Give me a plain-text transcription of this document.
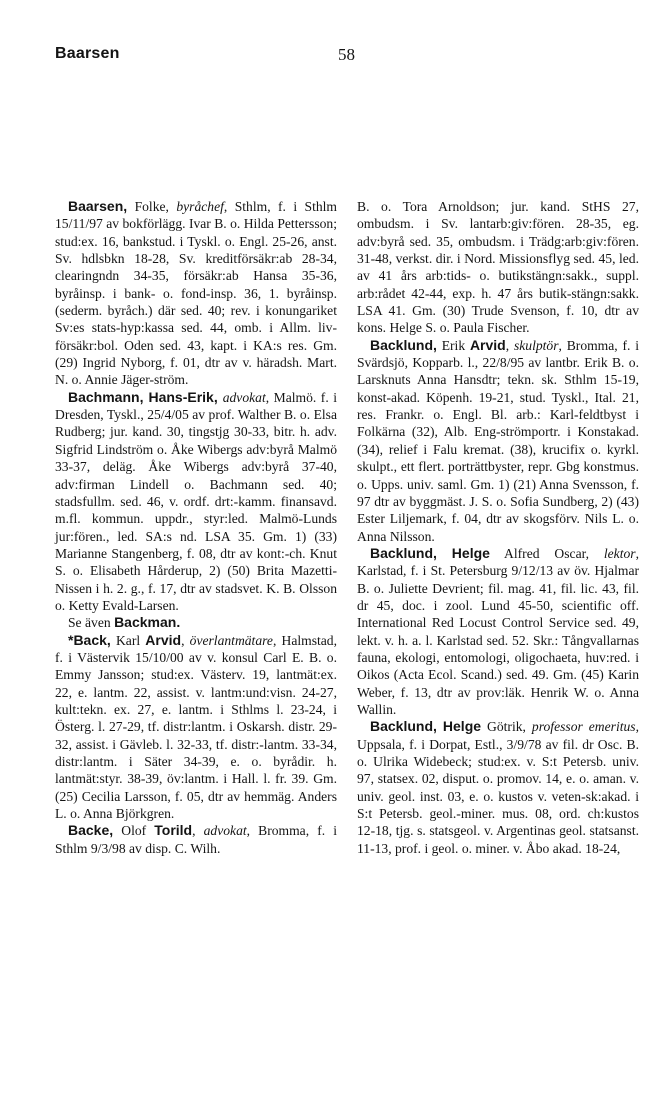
Baarsen	58

Baarsen, Folke, byråchef, Sthlm, f. i Sthlm 15/11/97 av bokförlägg. Ivar B. o. Hilda Pettersson; stud:ex. 16, bankstud. i Tyskl. o. Engl. 25-26, anst. Sv. hdlsbkn 18-28, Sv. kreditförsäkr:ab 28-34, clearingndn 34-35, försäkr:ab Hansa 35-36, byråinsp. i bank- o. fond-insp. 36, 1. byråinsp. (sederm. byråch.) där sed. 40; rev. i konungariket Sv:es stats-hyp:kassa sed. 44, omb. i Allm. liv-försäkr:bol. Oden sed. 43, kapt. i KA:s res. Gm. (29) Ingrid Nyborg, f. 01, dtr av v. häradsh. Mart. N. o. Annie Jäger-ström.

Bachmann, Hans-Erik, advokat, Malmö. f. i Dresden, Tyskl., 25/4/05 av prof. Walther B. o. Elsa Rudberg; jur. kand. 30, tingstjg 30-33, bitr. h. adv. Sigfrid Lindström o. Åke Wibergs adv:byrå Malmö 33-37, deläg. Åke Wibergs adv:byrå 37-40, adv:firman Lindell o. Bachmann sed. 40; stadsfullm. sed. 46, v. ordf. drt:-kamm. finansavd. m.fl. kommun. uppdr., styr:led. Malmö-Lunds jur:fören., led. SA:s nd. LSA 35. Gm. 1) (33) Marianne Stangenberg, f. 08, dtr av kont:-ch. Knut S. o. Elisabeth Hårderup, 2) (50) Brita Mazetti-Nissen i h. 2. g., f. 17, dtr av stadsvet. K. B. Olsson o. Ketty Evald-Larsen.

Se även Backman.

*Back, Karl Arvid, överlantmätare, Halmstad, f. i Västervik 15/10/00 av v. konsul Carl E. B. o. Emmy Jansson; stud:ex. Västerv. 19, lantmät:ex. 22, e. lantm. 22, assist. v. lantm:und:visn. 24-27, kult:tekn. ex. 27, e. lantm. i Sthlms l. 23-24, i Österg. l. 27-29, tf. distr:lantm. i Oskarsh. distr. 29-32, assist. i Gävleb. l. 32-33, tf. distr:-lantm. 33-34, distr:lantm. i Säter 34-39, e. o. byrådir. h. lantmät:styr. 38-39, öv:lantm. i Hall. l. fr. 39. Gm. (25) Cecilia Larsson, f. 05, dtr av hemmäg. Anders L. o. Anna Björkgren.

Backe, Olof Torild, advokat, Bromma, f. i Sthlm 9/3/98 av disp. C. Wilh.

B. o. Tora Arnoldson; jur. kand. StHS 27, ombudsm. i Sv. lantarb:giv:fören. 28-35, eg. adv:byrå sed. 35, ombudsm. i Trädg:arb:giv:fören. 31-48, verkst. dir. i Nord. Missionsflyg sed. 45, led. av 41 års arb:tids- o. butikstängn:sakk., suppl. arb:rådet 42-44, exp. h. 47 års butik-stängn:sakk. LSA 41. Gm. (30) Trude Svenson, f. 10, dtr av kons. Helge S. o. Paula Fischer.

Backlund, Erik Arvid, skulptör, Bromma, f. i Svärdsjö, Kopparb. l., 22/8/95 av lantbr. Erik B. o. Larsknuts Anna Hansdtr; tekn. sk. Sthlm 15-19, konst-akad. Köpenh. 19-21, stud. Tyskl., Ital. 21, res. Frankr. o. Engl. Bl. arb.: Karl-feldtbyst i Folkärna (32), Alb. Eng-strömportr. i Konstakad. (34), relief i Falu kremat. (38), krucifix o. kyrkl. skulpt., ett flert. porträttbyster, repr. Gbg konstmus. o. Upps. univ. saml. Gm. 1) (21) Anna Svensson, f. 97 dtr av byggmäst. J. S. o. Sofia Sundberg, 2) (43) Ester Liljemark, f. 04, dtr av skogsförv. Nils L. o. Anna Nilsson.

Backlund, Helge Alfred Oscar, lektor, Karlstad, f. i St. Petersburg 9/12/13 av öv. Hjalmar B. o. Juliette Devrient; fil. mag. 41, fil. lic. 43, fil. dr 45, doc. i zool. Lund 45-50, scientific off. International Red Locust Control Service sed. 49, lekt. v. h. a. l. Karlstad sed. 52. Skr.: Tångvallarnas fauna, ekologi, entomologi, oligochaeta, huv:red. i Oikos (Acta Ecol. Scand.) sed. 49. Gm. (45) Karin Weber, f. 13, dtr av prov:läk. Henrik W. o. Anna Wallin.

Backlund, Helge Götrik, professor emeritus, Uppsala, f. i Dorpat, Estl., 3/9/78 av fil. dr Osc. B. o. Ulrika Widebeck; stud:ex. v. S:t Petersb. univ. 97, statsex. 02, disput. o. promov. 14, e. o. aman. v. univ. geol. inst. 03, e. o. kustos v. veten-sk:akad. i S:t Petersb. geol.-miner. mus. 08, ord. ch:kustos 12-18, tjg. s. statsgeol. v. Argentinas geol. statsanst. 11-13, prof. i geol. o. miner. v. Åbo akad. 18-24,
